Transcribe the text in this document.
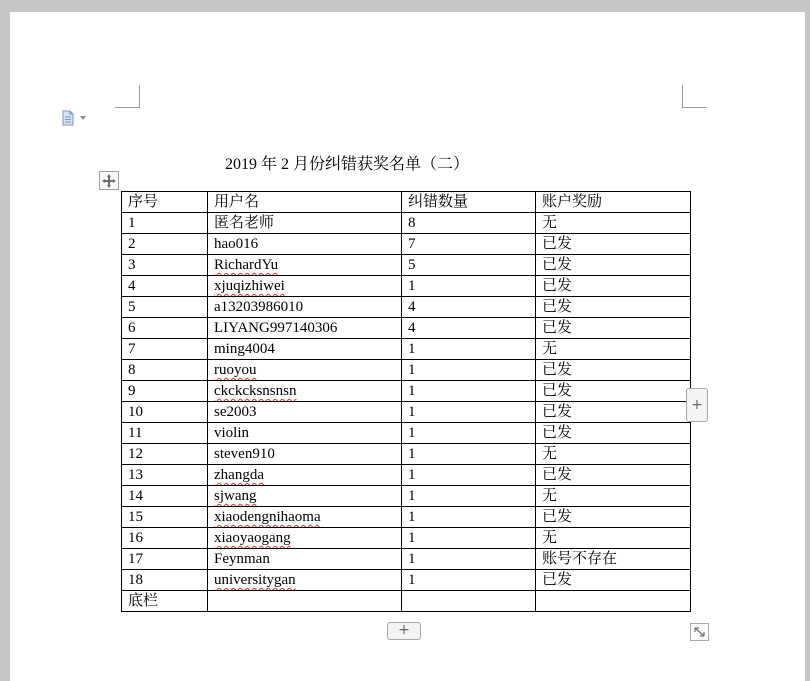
2019 年 2 月份纠错获奖名单（二）
序号	用户名	纠错数量	账户奖励
1	匿名老师	8	无
2	hao016	7	已发
3	RichardYu	5	已发
4	xjuqizhiwei	1	已发
5	a13203986010	4	已发
6	LIYANG997140306	4	已发
7	ming4004	1	无
8	ruoyou	1	已发
9	ckckcksnsnsn	1	已发
10	se2003	1	已发
11	violin	1	已发
12	steven910	1	无
13	zhangda	1	已发
14	sjwang	1	无
15	xiaodengnihaoma	1	已发
16	xiaoyaogang	1	无
17	Feynman	1	账号不存在
18	universitygan	1	已发
底栏			
+
+
